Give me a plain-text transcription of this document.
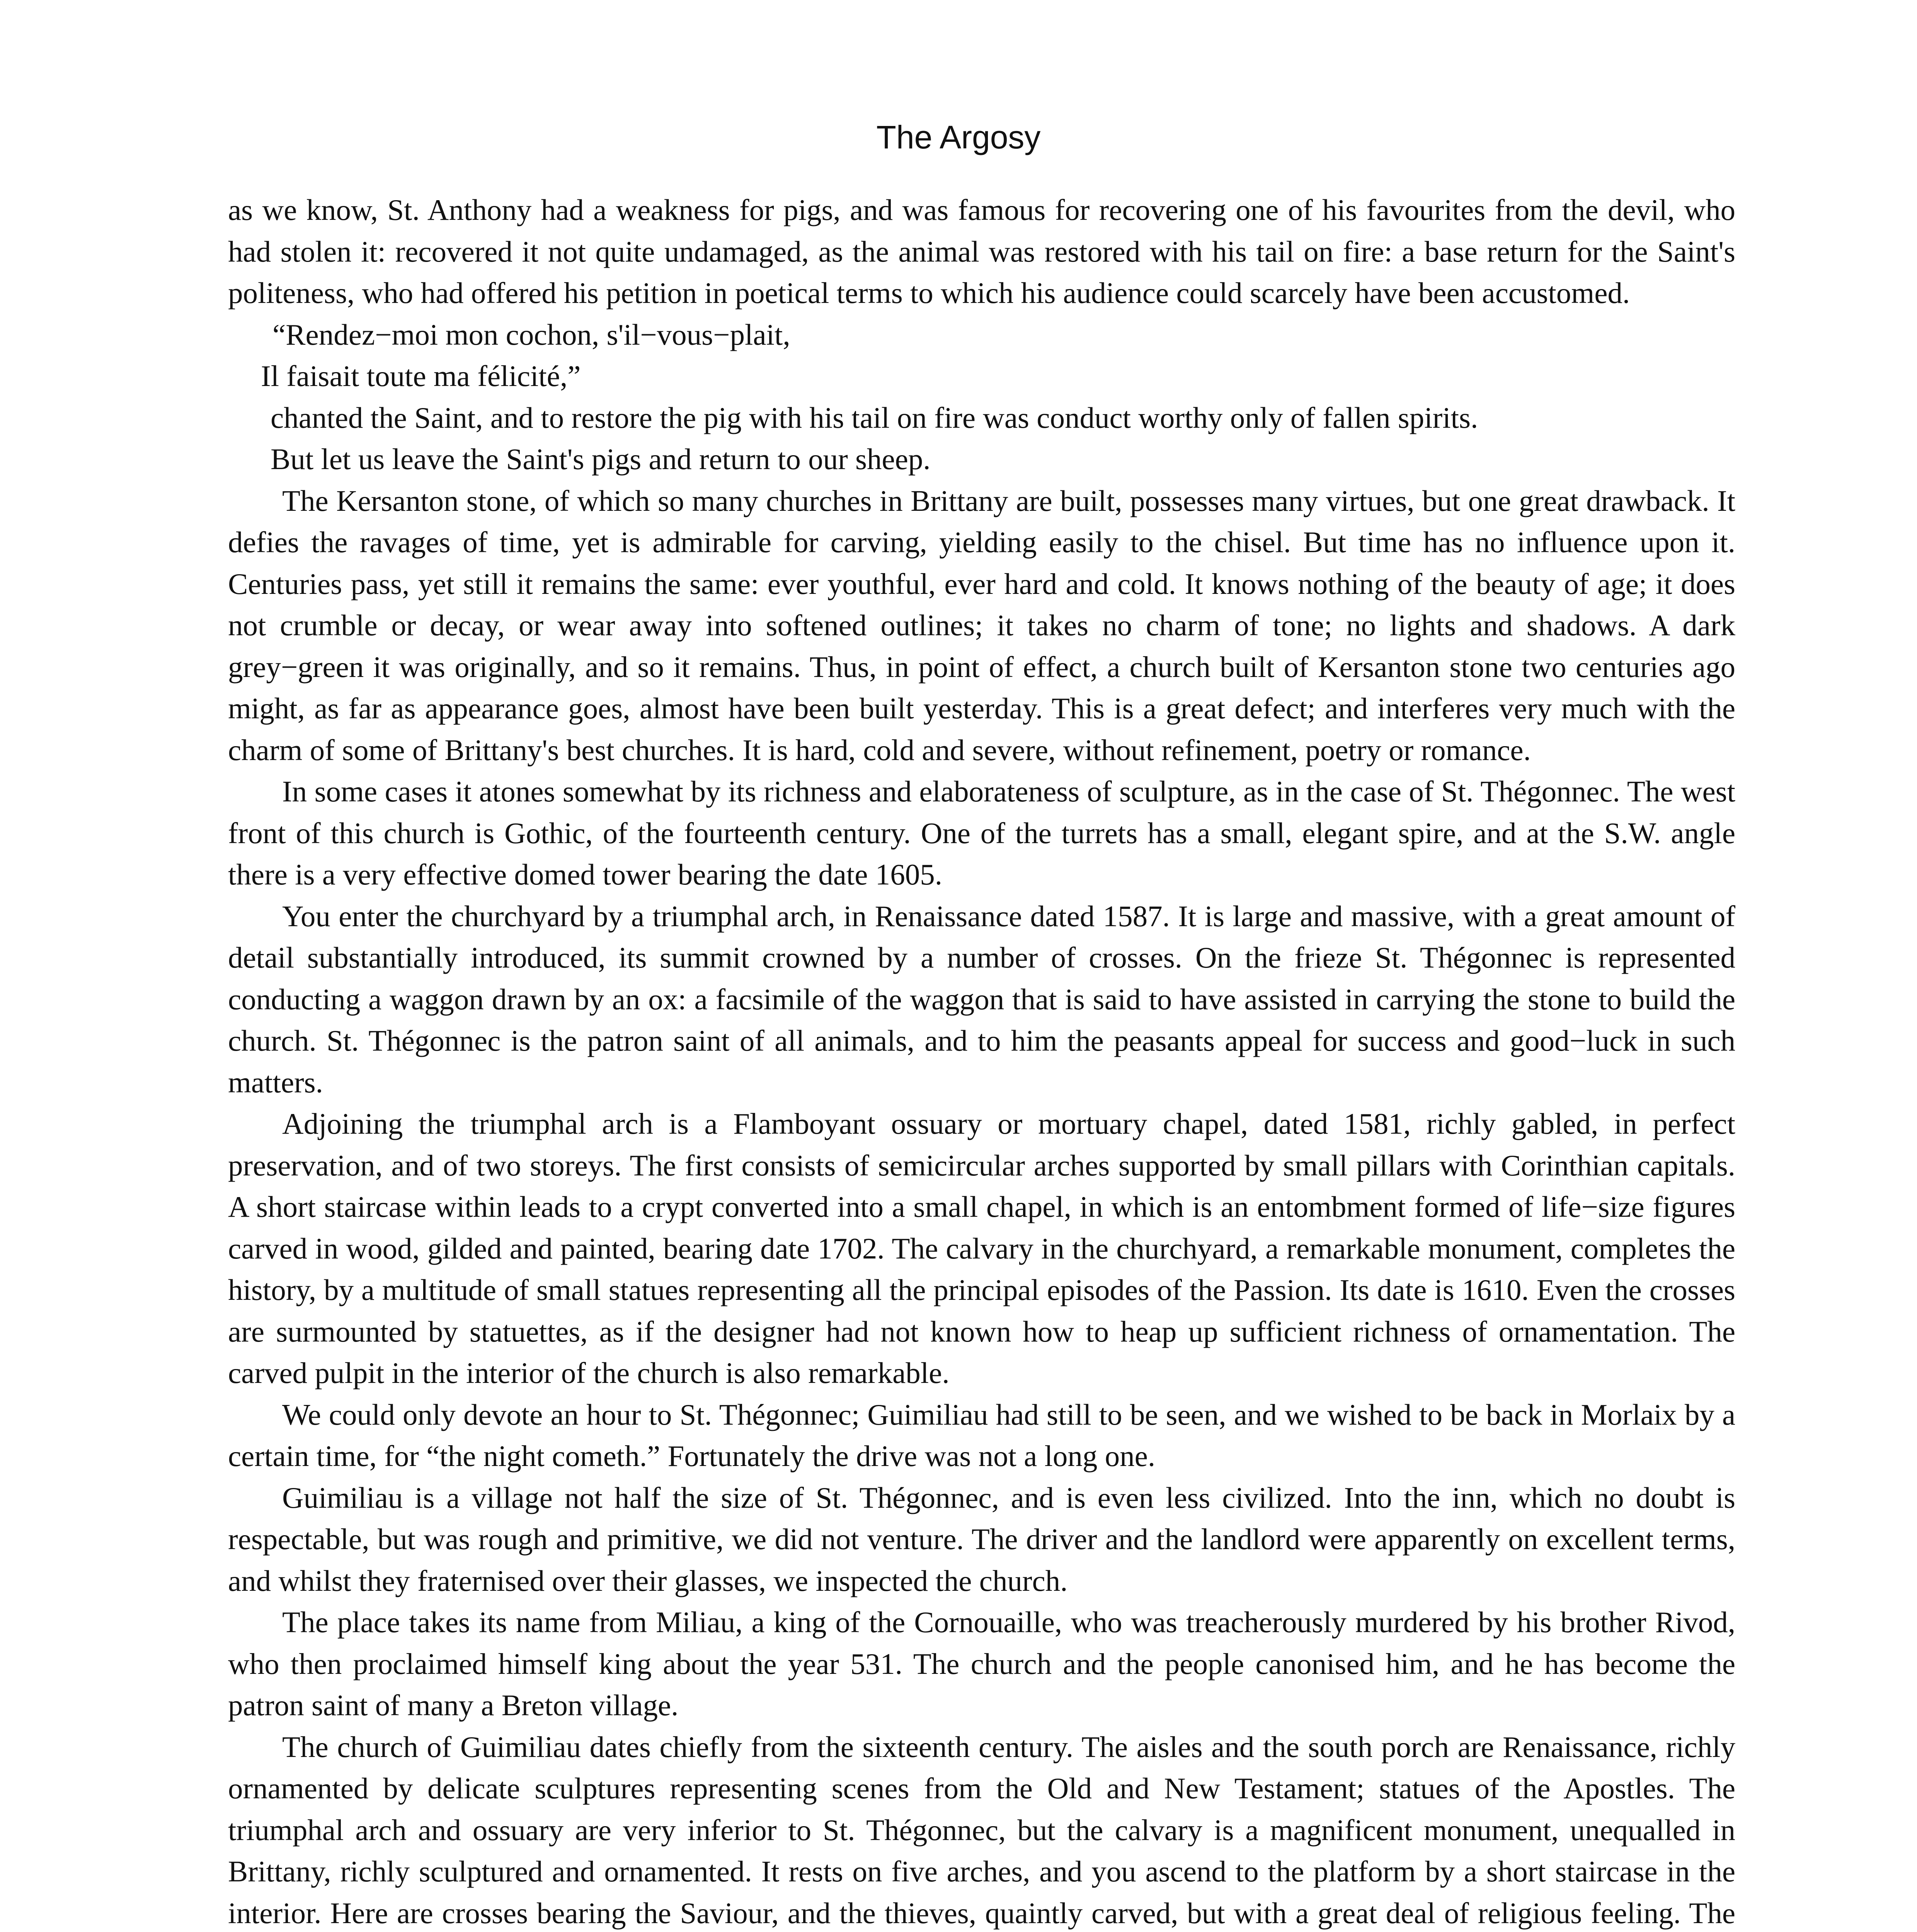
The Argosy

as we know, St. Anthony had a weakness for pigs, and was famous for recovering one of his favourites from the devil, who had stolen it: recovered it not quite undamaged, as the animal was restored with his tail on fire: a base return for the Saint's politeness, who had offered his petition in poetical terms to which his audience could scarcely have been accustomed.

“Rendez−moi mon cochon, s'il−vous−plait,
Il faisait toute ma félicité,”

chanted the Saint, and to restore the pig with his tail on fire was conduct worthy only of fallen spirits.

But let us leave the Saint's pigs and return to our sheep.

The Kersanton stone, of which so many churches in Brittany are built, possesses many virtues, but one great drawback. It defies the ravages of time, yet is admirable for carving, yielding easily to the chisel. But time has no influence upon it. Centuries pass, yet still it remains the same: ever youthful, ever hard and cold. It knows nothing of the beauty of age; it does not crumble or decay, or wear away into softened outlines; it takes no charm of tone; no lights and shadows. A dark grey−green it was originally, and so it remains. Thus, in point of effect, a church built of Kersanton stone two centuries ago might, as far as appearance goes, almost have been built yesterday. This is a great defect; and interferes very much with the charm of some of Brittany's best churches. It is hard, cold and severe, without refinement, poetry or romance.

In some cases it atones somewhat by its richness and elaborateness of sculpture, as in the case of St. Thégonnec. The west front of this church is Gothic, of the fourteenth century. One of the turrets has a small, elegant spire, and at the S.W. angle there is a very effective domed tower bearing the date 1605.

You enter the churchyard by a triumphal arch, in Renaissance dated 1587. It is large and massive, with a great amount of detail substantially introduced, its summit crowned by a number of crosses. On the frieze St. Thégonnec is represented conducting a waggon drawn by an ox: a facsimile of the waggon that is said to have assisted in carrying the stone to build the church. St. Thégonnec is the patron saint of all animals, and to him the peasants appeal for success and good−luck in such matters.

Adjoining the triumphal arch is a Flamboyant ossuary or mortuary chapel, dated 1581, richly gabled, in perfect preservation, and of two storeys. The first consists of semicircular arches supported by small pillars with Corinthian capitals. A short staircase within leads to a crypt converted into a small chapel, in which is an entombment formed of life−size figures carved in wood, gilded and painted, bearing date 1702. The calvary in the churchyard, a remarkable monument, completes the history, by a multitude of small statues representing all the principal episodes of the Passion. Its date is 1610. Even the crosses are surmounted by statuettes, as if the designer had not known how to heap up sufficient richness of ornamentation. The carved pulpit in the interior of the church is also remarkable.

We could only devote an hour to St. Thégonnec; Guimiliau had still to be seen, and we wished to be back in Morlaix by a certain time, for “the night cometh.” Fortunately the drive was not a long one.

Guimiliau is a village not half the size of St. Thégonnec, and is even less civilized. Into the inn, which no doubt is respectable, but was rough and primitive, we did not venture. The driver and the landlord were apparently on excellent terms, and whilst they fraternised over their glasses, we inspected the church.

The place takes its name from Miliau, a king of the Cornouaille, who was treacherously murdered by his brother Rivod, who then proclaimed himself king about the year 531. The church and the people canonised him, and he has become the patron saint of many a Breton village.

The church of Guimiliau dates chiefly from the sixteenth century. The aisles and the south porch are Renaissance, richly ornamented by delicate sculptures representing scenes from the Old and New Testament; statues of the Apostles. The triumphal arch and ossuary are very inferior to St. Thégonnec, but the calvary is a magnificent monument, unequalled in Brittany, richly sculptured and ornamented. It rests on five arches, and you ascend to the platform by a short staircase in the interior. Here are crosses bearing the Saviour, and the thieves, quaintly carved, but with a great deal of religious feeling. The
